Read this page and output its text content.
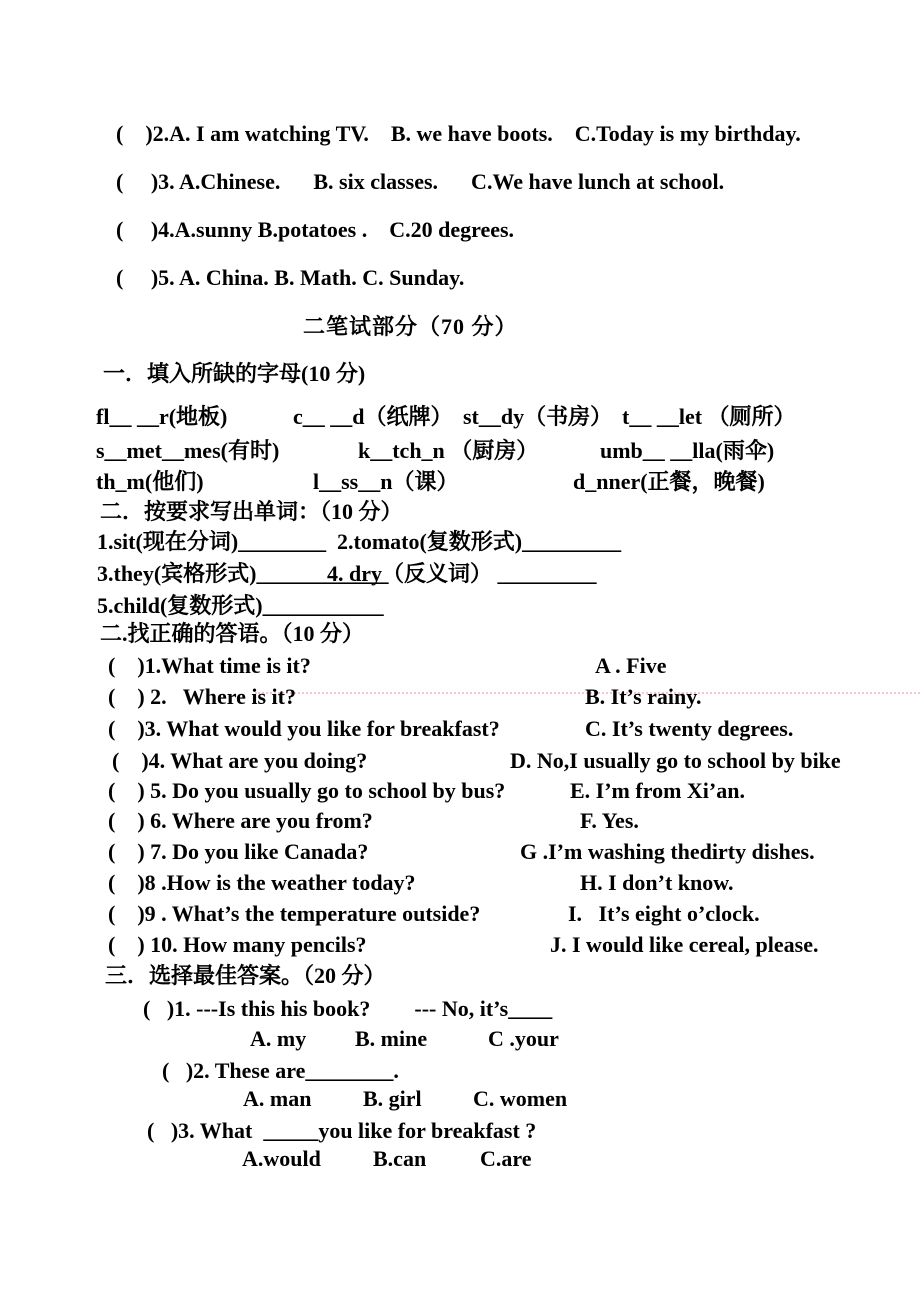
(    )2.A. I am watching TV.    B. we have boots.    C.Today is my birthday.
(     )3. A.Chinese.      B. six classes.      C.We have lunch at school.
(     )4.A.sunny B.potatoes .    C.20 degrees.
(     )5. A. China. B. Math. C. Sunday.
二笔试部分（70 分）
一．填入所缺的字母(10 分)
fl__ __r(地板)	c__ __d（纸牌） st__dy（书房） t__ __let （厕所）
s__met__mes(有时)	k__tch_n （厨房）	umb__ __lla(雨伞)
th_m(他们)	l__ss__n（课）	d_nner(正餐，晚餐)
二．按要求写出单词：（10 分）
1.sit(现在分词)________ 2.tomato(复数形式)_________
3.they(宾格形式)____________
4. dry（反义词） _________
5.child(复数形式)___________
二.找正确的答语。（10 分）
(    )1.What time is it?	A . Five
(    ) 2.   Where is it?	B. It’s rainy.
(    )3. What would you like for breakfast?	C. It’s twenty degrees.
(    )4. What are you doing?	D. No,I usually go to school by bike
(    ) 5. Do you usually go to school by bus?	E. I’m from Xi’an.
(    ) 6. Where are you from?	F. Yes.
(    ) 7. Do you like Canada?	G .I’m washing thedirty dishes.
(    )8 .How is the weather today?	H. I don’t know.
(    )9 . What’s the temperature outside?	I.   It’s eight o’clock.
(    ) 10. How many pencils?	J. I would like cereal, please.
三．选择最佳答案。（20 分）
(   )1. ---Is this his book?        --- No, it’s____
A. my B. mine	C .your
(   )2. These are________.
A. man B. girl C. women
(   )3. What  _____you like for breakfast ?
A.would B.can C.are
